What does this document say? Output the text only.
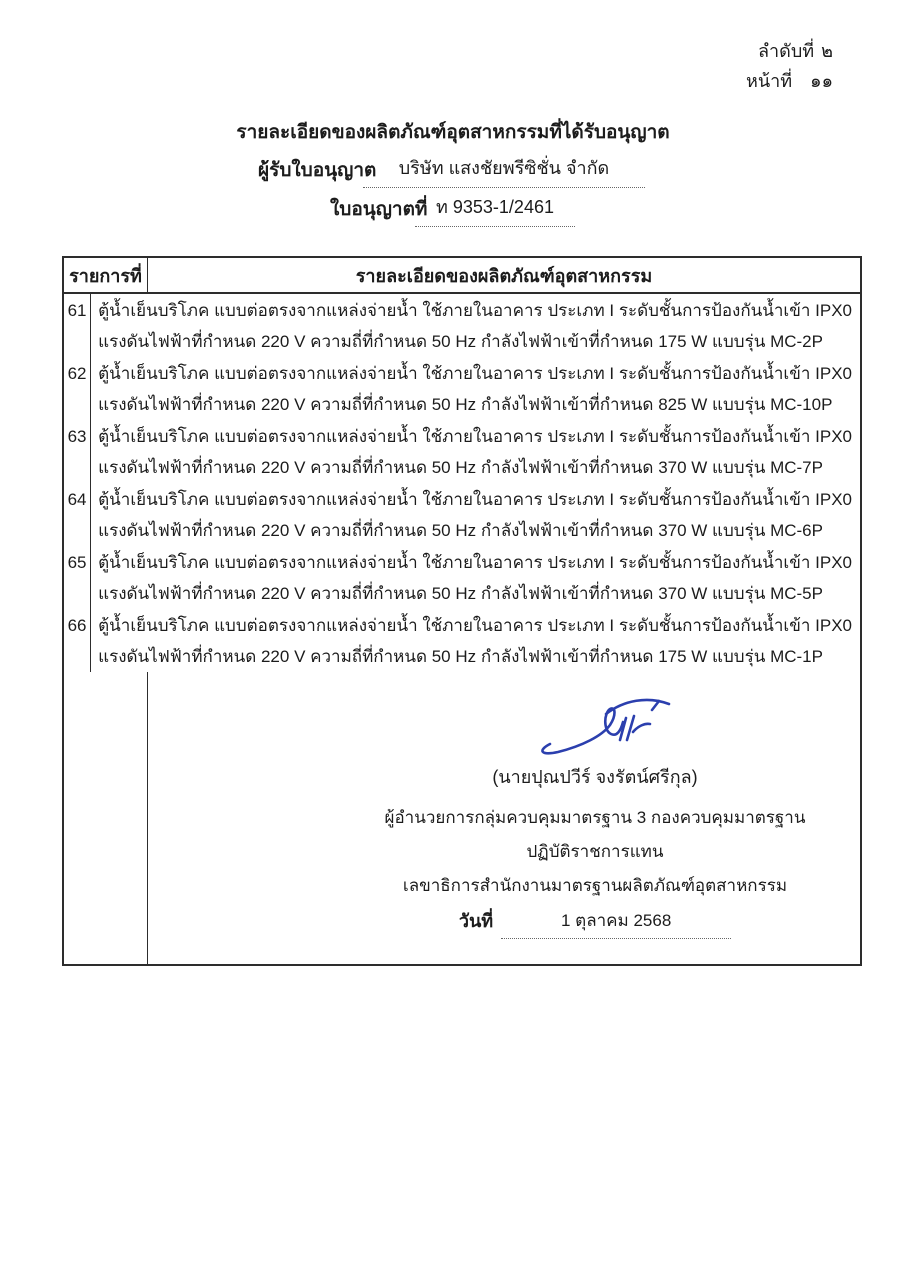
ลำดับที่ ๒
หน้าที่ ๑๑
รายละเอียดของผลิตภัณฑ์อุตสาหกรรมที่ได้รับอนุญาต
ผู้รับใบอนุญาต	บริษัท แสงชัยพรีซิชั่น จำกัด
ใบอนุญาตที่ ท 9353-1/2461
รายการที่	รายละเอียดของผลิตภัณฑ์อุตสาหกรรม
61 ตู้น้ำเย็นบริโภค แบบต่อตรงจากแหล่งจ่ายน้ำ ใช้ภายในอาคาร ประเภท I ระดับชั้นการป้องกันน้ำเข้า IPX0
แรงดันไฟฟ้าที่กำหนด 220 V ความถี่ที่กำหนด 50 Hz กำลังไฟฟ้าเข้าที่กำหนด 175 W แบบรุ่น MC-2P
62 ตู้น้ำเย็นบริโภค แบบต่อตรงจากแหล่งจ่ายน้ำ ใช้ภายในอาคาร ประเภท I ระดับชั้นการป้องกันน้ำเข้า IPX0
แรงดันไฟฟ้าที่กำหนด 220 V ความถี่ที่กำหนด 50 Hz กำลังไฟฟ้าเข้าที่กำหนด 825 W แบบรุ่น MC-10P
63 ตู้น้ำเย็นบริโภค แบบต่อตรงจากแหล่งจ่ายน้ำ ใช้ภายในอาคาร ประเภท I ระดับชั้นการป้องกันน้ำเข้า IPX0
แรงดันไฟฟ้าที่กำหนด 220 V ความถี่ที่กำหนด 50 Hz กำลังไฟฟ้าเข้าที่กำหนด 370 W แบบรุ่น MC-7P
64 ตู้น้ำเย็นบริโภค แบบต่อตรงจากแหล่งจ่ายน้ำ ใช้ภายในอาคาร ประเภท I ระดับชั้นการป้องกันน้ำเข้า IPX0
แรงดันไฟฟ้าที่กำหนด 220 V ความถี่ที่กำหนด 50 Hz กำลังไฟฟ้าเข้าที่กำหนด 370 W แบบรุ่น MC-6P
65 ตู้น้ำเย็นบริโภค แบบต่อตรงจากแหล่งจ่ายน้ำ ใช้ภายในอาคาร ประเภท I ระดับชั้นการป้องกันน้ำเข้า IPX0
แรงดันไฟฟ้าที่กำหนด 220 V ความถี่ที่กำหนด 50 Hz กำลังไฟฟ้าเข้าที่กำหนด 370 W แบบรุ่น MC-5P
66 ตู้น้ำเย็นบริโภค แบบต่อตรงจากแหล่งจ่ายน้ำ ใช้ภายในอาคาร ประเภท I ระดับชั้นการป้องกันน้ำเข้า IPX0
แรงดันไฟฟ้าที่กำหนด 220 V ความถี่ที่กำหนด 50 Hz กำลังไฟฟ้าเข้าที่กำหนด 175 W แบบรุ่น MC-1P
(นายปุณปวีร์ จงรัตน์ศรีกุล)
ผู้อำนวยการกลุ่มควบคุมมาตรฐาน 3 กองควบคุมมาตรฐาน
ปฏิบัติราชการแทน
เลขาธิการสำนักงานมาตรฐานผลิตภัณฑ์อุตสาหกรรม
วันที่	1 ตุลาคม 2568
